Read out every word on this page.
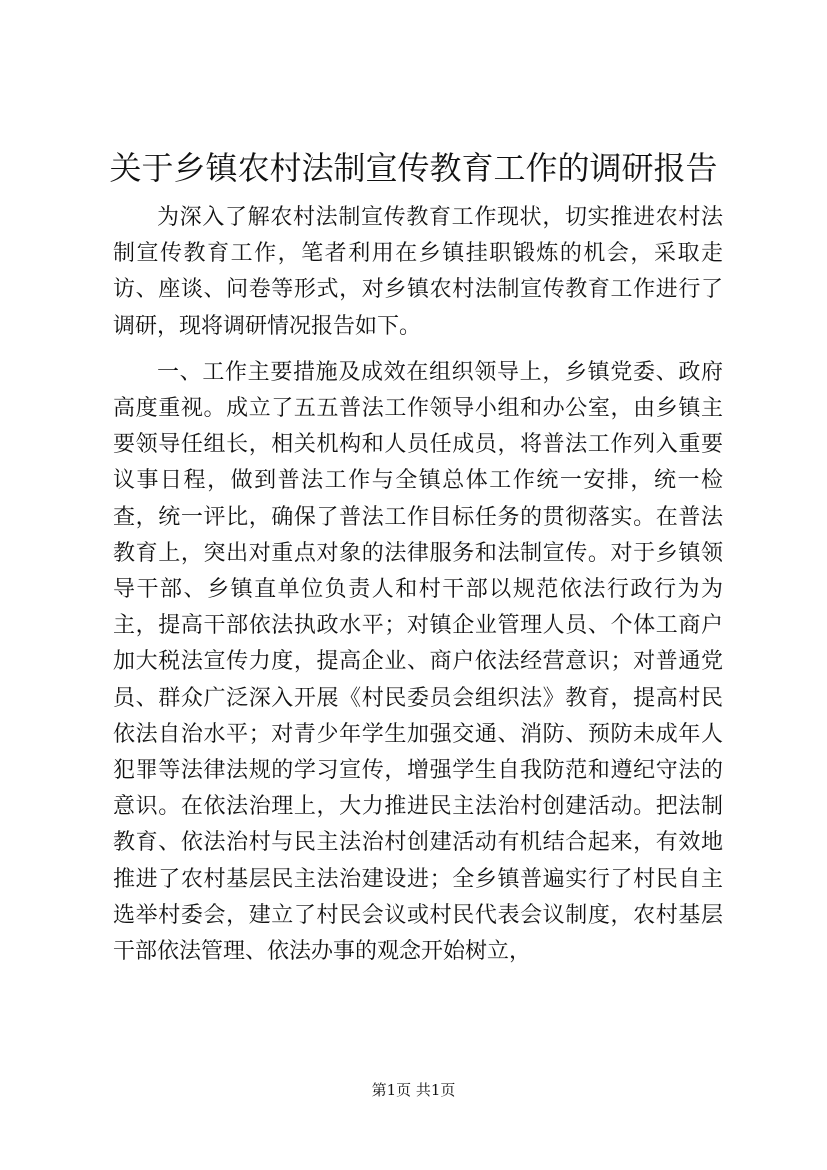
关于乡镇农村法制宣传教育工作的调研报告

为深入了解农村法制宣传教育工作现状，切实推进农村法制宣传教育工作，笔者利用在乡镇挂职锻炼的机会，采取走访、座谈、问卷等形式，对乡镇农村法制宣传教育工作进行了调研，现将调研情况报告如下。

一、工作主要措施及成效在组织领导上，乡镇党委、政府高度重视。成立了五五普法工作领导小组和办公室，由乡镇主要领导任组长，相关机构和人员任成员，将普法工作列入重要议事日程，做到普法工作与全镇总体工作统一安排，统一检查，统一评比，确保了普法工作目标任务的贯彻落实。在普法教育上，突出对重点对象的法律服务和法制宣传。对于乡镇领导干部、乡镇直单位负责人和村干部以规范依法行政行为为主，提高干部依法执政水平；对镇企业管理人员、个体工商户加大税法宣传力度，提高企业、商户依法经营意识；对普通党员、群众广泛深入开展《村民委员会组织法》教育，提高村民依法自治水平；对青少年学生加强交通、消防、预防未成年人犯罪等法律法规的学习宣传，增强学生自我防范和遵纪守法的意识。在依法治理上，大力推进民主法治村创建活动。把法制教育、依法治村与民主法治村创建活动有机结合起来，有效地推进了农村基层民主法治建设进；全乡镇普遍实行了村民自主选举村委会，建立了村民会议或村民代表会议制度，农村基层干部依法管理、依法办事的观念开始树立，

第1页 共1页
